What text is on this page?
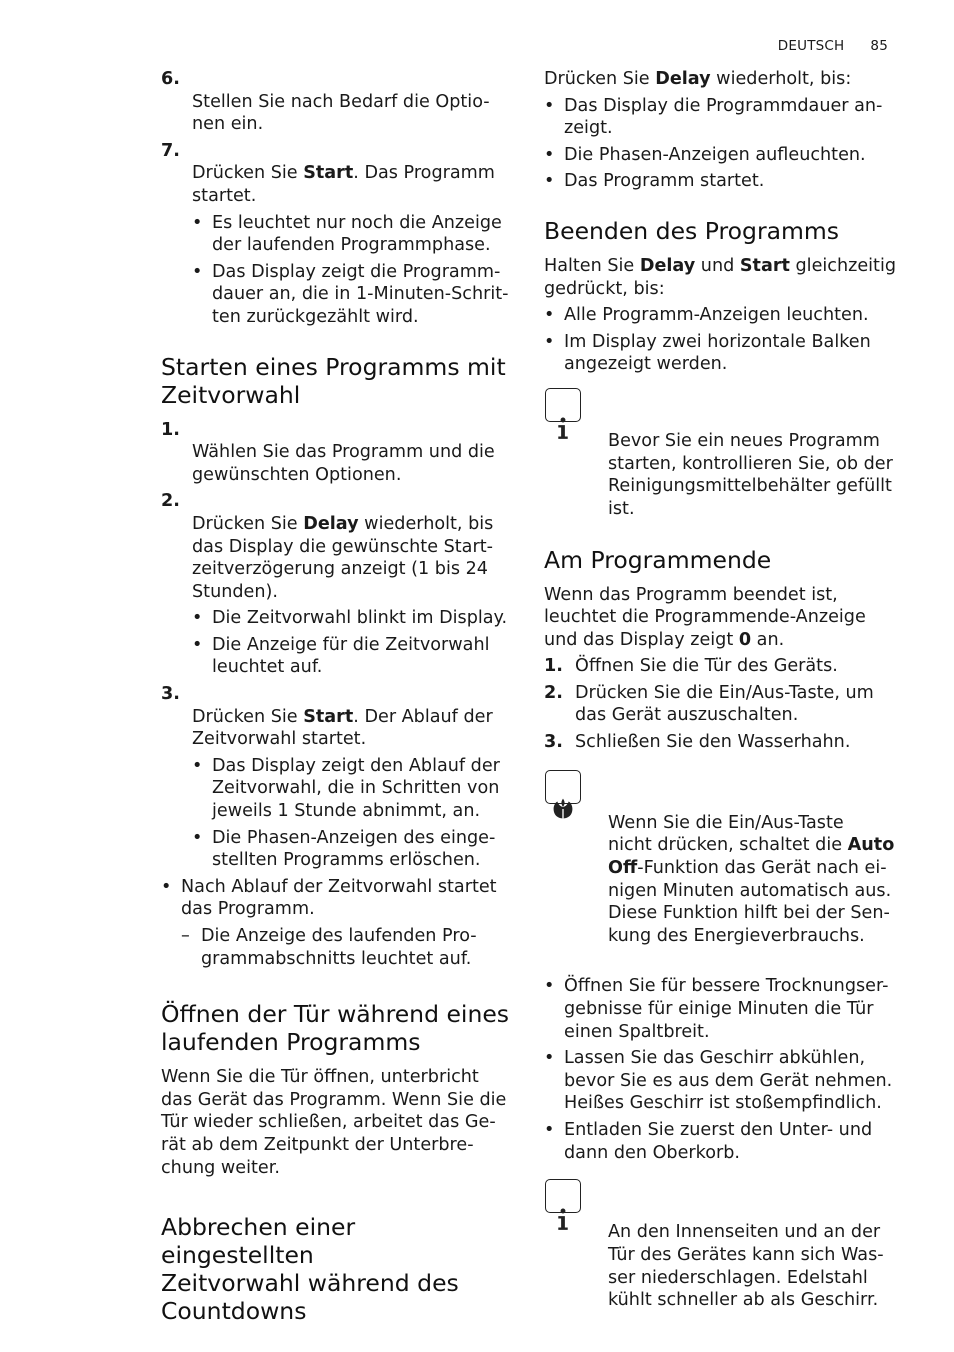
DEUTSCH 85

6.
Stellen Sie nach Bedarf die Optio-
nen ein.

7.
Drücken Sie Start. Das Programm
startet.

• Es leuchtet nur noch die Anzeige
der laufenden Programmphase.
• Das Display zeigt die Programm-
dauer an, die in 1-Minuten-Schrit-
ten zurückgezählt wird.
Starten eines Programms mit
Zeitvorwahl

1.
Wählen Sie das Programm und die
gewünschten Optionen.

2.
Drücken Sie Delay wiederholt, bis
das Display die gewünschte Start-
zeitverzögerung anzeigt (1 bis 24
Stunden).

• Die Zeitvorwahl blinkt im Display.
• Die Anzeige für die Zeitvorwahl
leuchtet auf.

3.
Drücken Sie Start. Der Ablauf der
Zeitvorwahl startet.

• Das Display zeigt den Ablauf der
Zeitvorwahl, die in Schritten von
jeweils 1 Stunde abnimmt, an.
• Die Phasen-Anzeigen des einge-
stellten Programms erlöschen.
• Nach Ablauf der Zeitvorwahl startet
das Programm.
– Die Anzeige des laufenden Pro-
grammabschnitts leuchtet auf.
Öffnen der Tür während eines
laufenden Programms

Wenn Sie die Tür öffnen, unterbricht
das Gerät das Programm. Wenn Sie die
Tür wieder schließen, arbeitet das Ge-
rät ab dem Zeitpunkt der Unterbre-
chung weiter.

Abbrechen einer eingestellten
Zeitvorwahl während des
Countdowns

Drücken Sie Delay wiederholt, bis:

• Das Display die Programmdauer an-
zeigt.
• Die Phasen-Anzeigen aufleuchten.
• Das Programm startet.
Beenden des Programms

Halten Sie Delay und Start gleichzeitig
gedrückt, bis:

• Alle Programm-Anzeigen leuchten.
• Im Display zwei horizontale Balken
angezeigt werden.

Bevor Sie ein neues Programm
starten, kontrollieren Sie, ob der
Reinigungsmittelbehälter gefüllt
ist.

Am Programmende

Wenn das Programm beendet ist,
leuchtet die Programmende-Anzeige
und das Display zeigt 0 an.

1. Öffnen Sie die Tür des Geräts.
2. Drücken Sie die Ein/Aus-Taste, um
das Gerät auszuschalten.
3. Schließen Sie den Wasserhahn.

Wenn Sie die Ein/Aus-Taste
nicht drücken, schaltet die Auto
Off-Funktion das Gerät nach ei-
nigen Minuten automatisch aus.
Diese Funktion hilft bei der Sen-
kung des Energieverbrauchs.

• Öffnen Sie für bessere Trocknungser-
gebnisse für einige Minuten die Tür
einen Spaltbreit.
• Lassen Sie das Geschirr abkühlen,
bevor Sie es aus dem Gerät nehmen.
Heißes Geschirr ist stoßempfindlich.
• Entladen Sie zuerst den Unter- und
dann den Oberkorb.

An den Innenseiten und an der
Tür des Gerätes kann sich Was-
ser niederschlagen. Edelstahl
kühlt schneller ab als Geschirr.
